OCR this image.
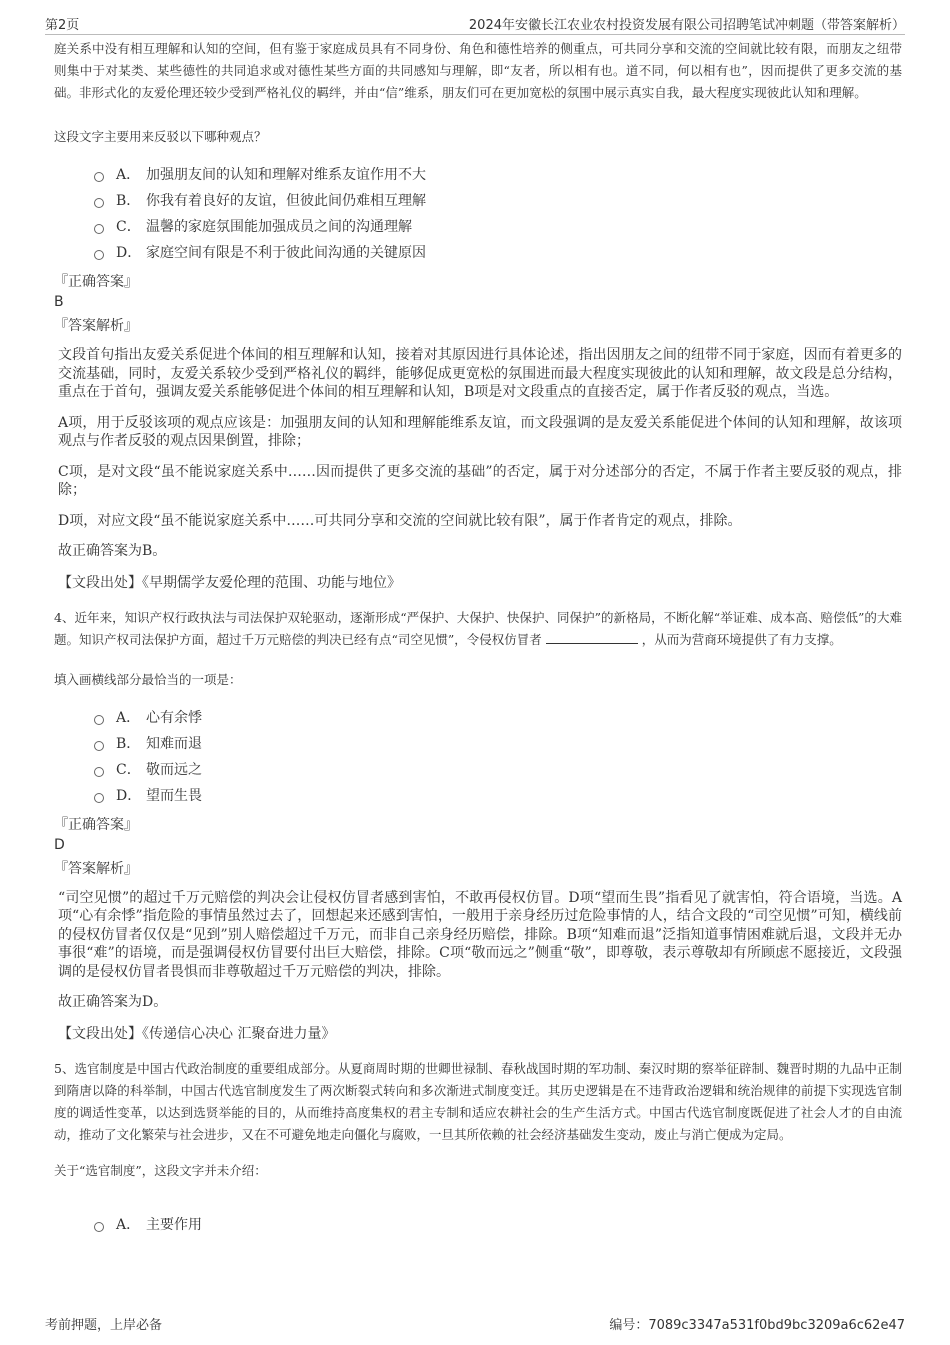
第2页	2024年安徽长江农业农村投资发展有限公司招聘笔试冲刺题（带答案解析）

庭关系中没有相互理解和认知的空间，但有鉴于家庭成员具有不同身份、角色和德性培养的侧重点，可共同分享和交流的空间就比较有限，而朋友之纽带则集中于对某类、某些德性的共同追求或对德性某些方面的共同感知与理解，即“友者，所以相有也。道不同，何以相有也”，因而提供了更多交流的基础。非形式化的友爱伦理还较少受到严格礼仪的羁绊，并由“信”维系，朋友们可在更加宽松的氛围中展示真实自我，最大程度实现彼此认知和理解。

这段文字主要用来反驳以下哪种观点？

A． 加强朋友间的认知和理解对维系友谊作用不大
B． 你我有着良好的友谊，但彼此间仍难相互理解
C． 温馨的家庭氛围能加强成员之间的沟通理解
D． 家庭空间有限是不利于彼此间沟通的关键原因

『正确答案』

B

『答案解析』

文段首句指出友爱关系促进个体间的相互理解和认知，接着对其原因进行具体论述，指出因朋友之间的纽带不同于家庭，因而有着更多的交流基础，同时，友爱关系较少受到严格礼仪的羁绊，能够促成更宽松的氛围进而最大程度实现彼此的认知和理解，故文段是总分结构，重点在于首句，强调友爱关系能够促进个体间的相互理解和认知，B项是对文段重点的直接否定，属于作者反驳的观点，当选。

A项，用于反驳该项的观点应该是：加强朋友间的认知和理解能维系友谊，而文段强调的是友爱关系能促进个体间的认知和理解，故该项观点与作者反驳的观点因果倒置，排除；

C项，是对文段“虽不能说家庭关系中……因而提供了更多交流的基础”的否定，属于对分述部分的否定，不属于作者主要反驳的观点，排除；

D项，对应文段“虽不能说家庭关系中……可共同分享和交流的空间就比较有限”，属于作者肯定的观点，排除。

故正确答案为B。

【文段出处】《早期儒学友爱伦理的范围、功能与地位》

4、近年来，知识产权行政执法与司法保护双轮驱动，逐渐形成“严保护、大保护、快保护、同保护”的新格局，不断化解“举证难、成本高、赔偿低”的大难题。知识产权司法保护方面，超过千万元赔偿的判决已经有点“司空见惯”，令侵权仿冒者	，从而为营商环境提供了有力支撑。

填入画横线部分最恰当的一项是：

A． 心有余悸
B． 知难而退
C． 敬而远之
D． 望而生畏

『正确答案』

D

『答案解析』

“司空见惯”的超过千万元赔偿的判决会让侵权仿冒者感到害怕，不敢再侵权仿冒。D项“望而生畏”指看见了就害怕，符合语境，当选。A项“心有余悸”指危险的事情虽然过去了，回想起来还感到害怕，一般用于亲身经历过危险事情的人，结合文段的“司空见惯”可知，横线前的侵权仿冒者仅仅是“见到”别人赔偿超过千万元，而非自己亲身经历赔偿，排除。B项“知难而退”泛指知道事情困难就后退，文段并无办事很“难”的语境，而是强调侵权仿冒要付出巨大赔偿，排除。C项“敬而远之”侧重“敬”，即尊敬，表示尊敬却有所顾虑不愿接近，文段强调的是侵权仿冒者畏惧而非尊敬超过千万元赔偿的判决，排除。

故正确答案为D。

【文段出处】《传递信心决心 汇聚奋进力量》

5、选官制度是中国古代政治制度的重要组成部分。从夏商周时期的世卿世禄制、春秋战国时期的军功制、秦汉时期的察举征辟制、魏晋时期的九品中正制到隋唐以降的科举制，中国古代选官制度发生了两次断裂式转向和多次渐进式制度变迁。其历史逻辑是在不违背政治逻辑和统治规律的前提下实现选官制度的调适性变革，以达到选贤举能的目的，从而维持高度集权的君主专制和适应农耕社会的生产生活方式。中国古代选官制度既促进了社会人才的自由流动，推动了文化繁荣与社会进步，又在不可避免地走向僵化与腐败，一旦其所依赖的社会经济基础发生变动，废止与消亡便成为定局。

关于“选官制度”，这段文字并未介绍：

A． 主要作用
考前押题，上岸必备	编号：7089c3347a531f0bd9bc3209a6c62e47
